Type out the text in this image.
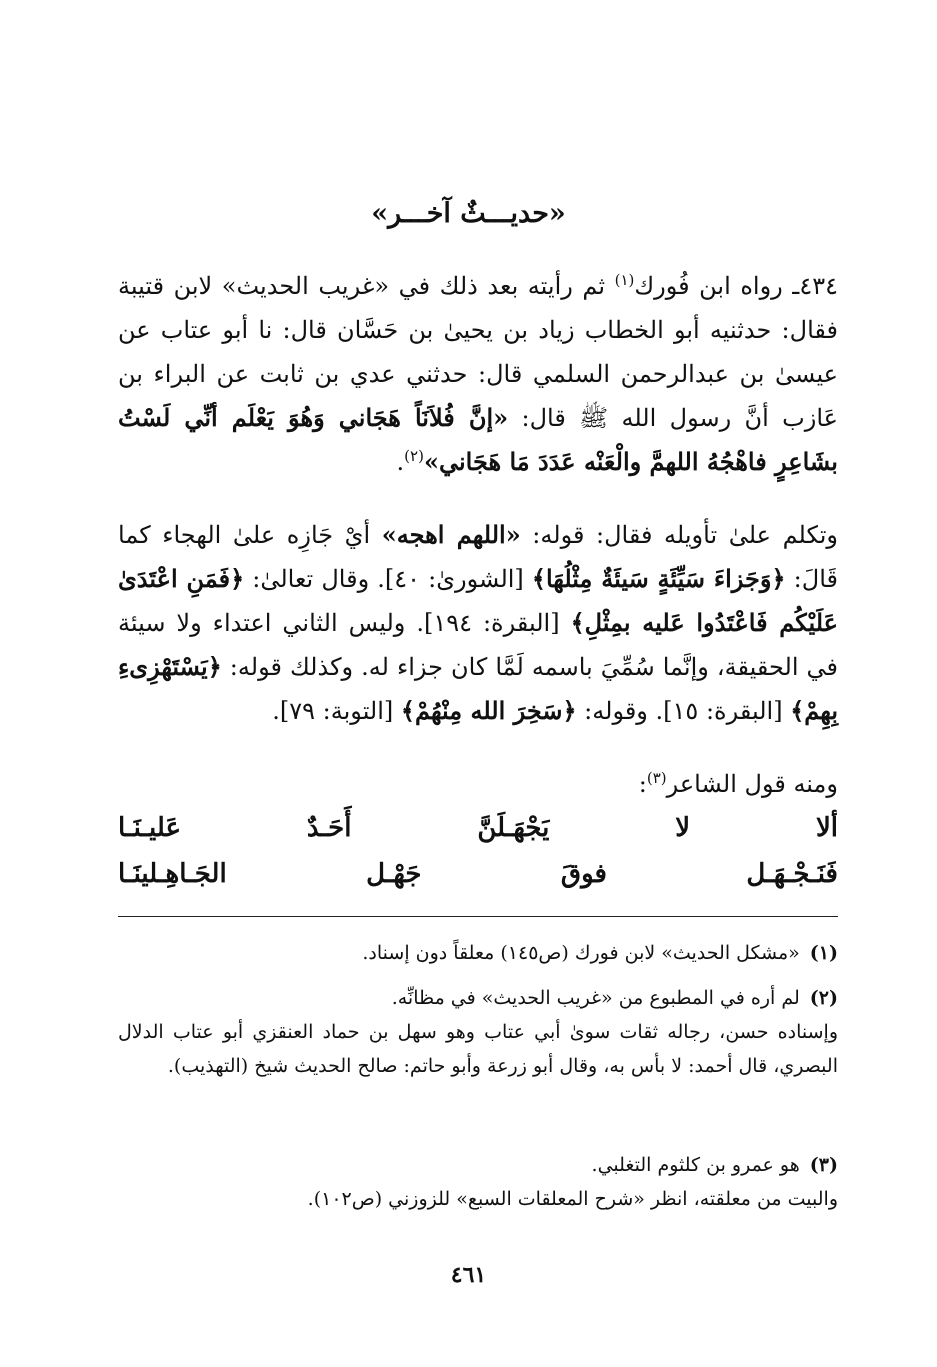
«حديـــثٌ آخـــر»

٤٣٤ـ رواه ابن فُورك$^{(١)}$ ثم رأيته بعد ذلك في «غريب الحديث» لابن قتيبة فقال: حدثنيه أبو الخطاب زياد بن يحيىٰ بن حَسَّان قال: نا أبو عتاب عن عيسىٰ بن عبدالرحمن السلمي قال: حدثني عدي بن ثابت عن البراء بن عَازب أنَّ رسول الله ﷺ قال: «إنَّ فُلاَنَاً هَجَاني وَهُوَ يَعْلَم أنِّي لَسْتُ بشَاعِرٍ فاهْجُهُ اللهمَّ والْعَنْه عَدَدَ مَا هَجَاني»$^{(٢)}$.

وتكلم علىٰ تأويله فقال: قوله: «اللهم اهجه» أيْ جَازِه علىٰ الهجاء كما قَالَ: ﴿وَجَزاءَ سَيِّئَةٍ سَيئَةٌ مِثْلُهَا﴾ [الشورىٰ: ٤٠]. وقال تعالىٰ: ﴿فَمَنِ اعْتَدَىٰ عَلَيْكُم فَاعْتَدُوا عَليه بمِثْلِ﴾ [البقرة: ١٩٤]. وليس الثاني اعتداء ولا سيئة في الحقيقة، وإنَّما سُمِّيَ باسمه لَمَّا كان جزاء له. وكذلك قوله: ﴿يَسْتَهْزِىءِ بِهِمْ﴾ [البقرة: ١٥]. وقوله: ﴿سَخِرَ الله مِنْهُمْ﴾ [التوبة: ٧٩].

ومنه قول الشاعر$^{(٣)}$:

ألا
لا
يَجْهَـلَنَّ
أَحَـدٌ
عَليـنَـا
فَنَـجْـهَـل
فوقَ
جَهْـل
الجَـاهِـلينَـا
(١)«مشكل الحديث» لابن فورك (ص١٤٥) معلقاً دون إسناد.
(٢)لم أره في المطبوع من «غريب الحديث» في مظانِّه.
وإسناده حسن، رجاله ثقات سوىٰ أبي عتاب وهو سهل بن حماد العنقزي أبو عتاب الدلال البصري، قال أحمد: لا بأس به، وقال أبو زرعة وأبو حاتم: صالح الحديث شيخ (التهذيب).
(٣)هو عمرو بن كلثوم التغلبي.
والبيت من معلقته، انظر «شرح المعلقات السبع» للزوزني (ص١٠٢).
٤٦١
